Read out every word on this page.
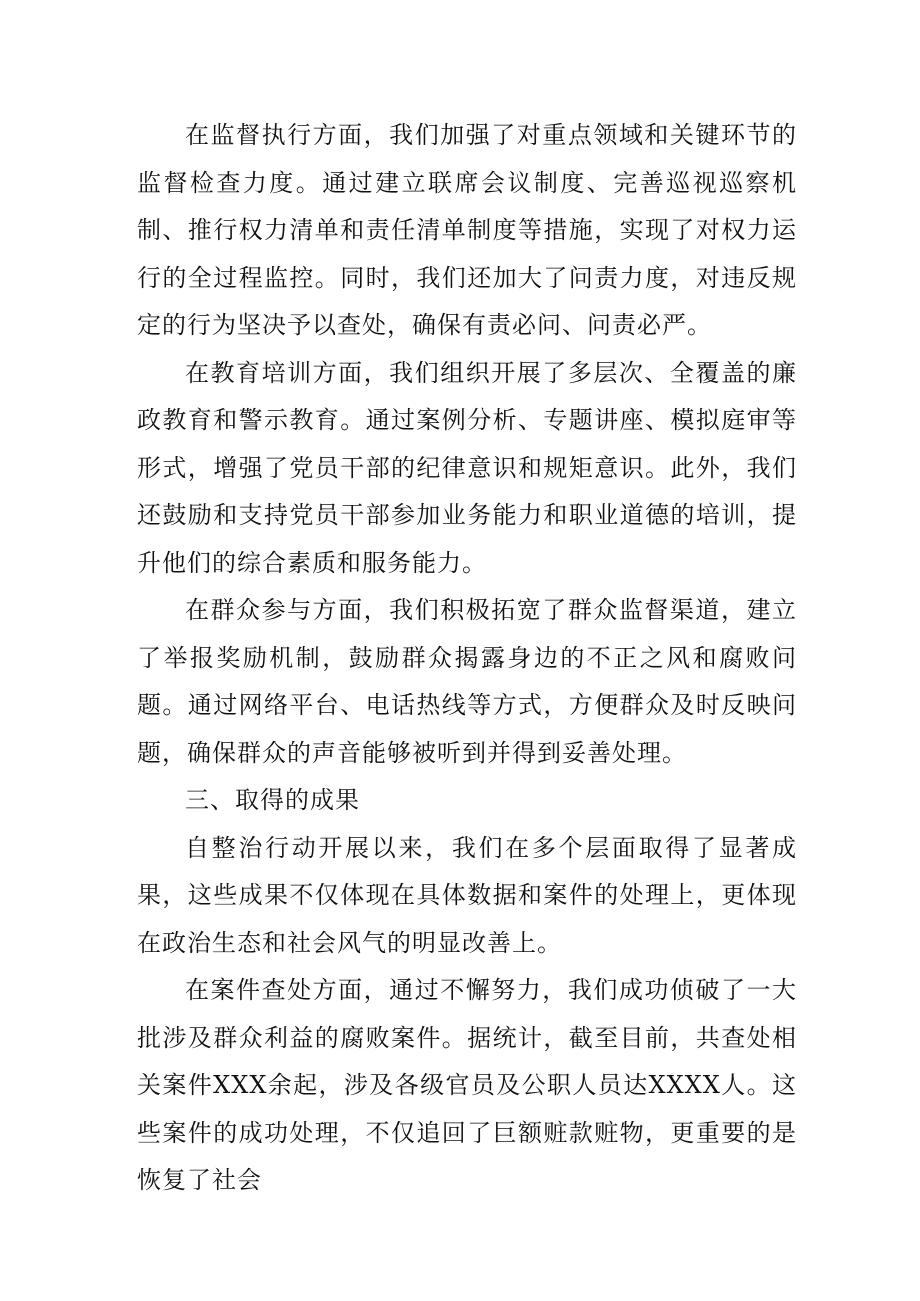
在监督执行方面，我们加强了对重点领域和关键环节的监督检查力度。通过建立联席会议制度、完善巡视巡察机制、推行权力清单和责任清单制度等措施，实现了对权力运行的全过程监控。同时，我们还加大了问责力度，对违反规定的行为坚决予以查处，确保有责必问、问责必严。

在教育培训方面，我们组织开展了多层次、全覆盖的廉政教育和警示教育。通过案例分析、专题讲座、模拟庭审等形式，增强了党员干部的纪律意识和规矩意识。此外，我们还鼓励和支持党员干部参加业务能力和职业道德的培训，提升他们的综合素质和服务能力。

在群众参与方面，我们积极拓宽了群众监督渠道，建立了举报奖励机制，鼓励群众揭露身边的不正之风和腐败问题。通过网络平台、电话热线等方式，方便群众及时反映问题，确保群众的声音能够被听到并得到妥善处理。

三、取得的成果

自整治行动开展以来，我们在多个层面取得了显著成果，这些成果不仅体现在具体数据和案件的处理上，更体现在政治生态和社会风气的明显改善上。

在案件查处方面，通过不懈努力，我们成功侦破了一大批涉及群众利益的腐败案件。据统计，截至目前，共查处相关案件XXX余起，涉及各级官员及公职人员达XXXX人。这些案件的成功处理，不仅追回了巨额赃款赃物，更重要的是恢复了社会
